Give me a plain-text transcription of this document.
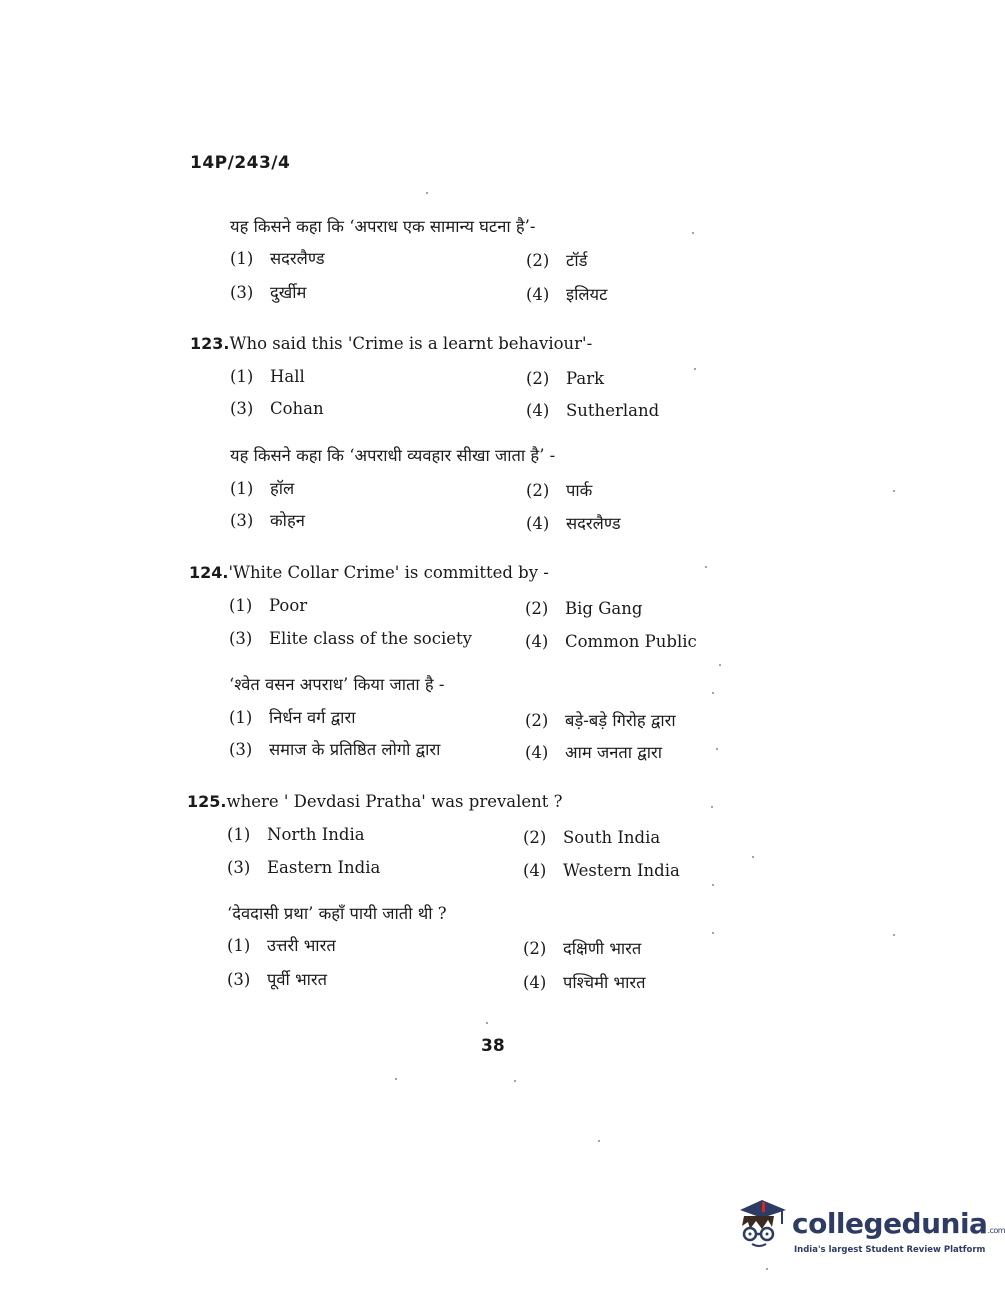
14P/243/4
यह किसने कहा कि ‘अपराध एक सामान्य घटना है’-
(1) सदरलैण्ड	(2) टॉर्ड
(3) दुर्खीम	(4) इलियट
123.Who said this 'Crime is a learnt behaviour'-
(1) Hall	(2) Park
(3) Cohan	(4) Sutherland
यह किसने कहा कि ‘अपराधी व्यवहार सीखा जाता है’ -
(1) हॉल	(2) पार्क
(3) कोहन	(4) सदरलैण्ड
124.'White Collar Crime' is committed by -
(1) Poor	(2) Big Gang
(3) Elite class of the society	(4) Common Public
‘श्वेत वसन अपराध’ किया जाता है -
(1) निर्धन वर्ग द्वारा	(2) बड़े-बड़े गिरोह द्वारा
(3) समाज के प्रतिष्ठित लोगो द्वारा	(4) आम जनता द्वारा
125.where ' Devdasi Pratha' was prevalent ?
(1) North India	(2) South India
(3) Eastern India	(4) Western India
‘देवदासी प्रथा’ कहाँ पायी जाती थी ?
(1) उत्तरी भारत	(2) दक्षिणी भारत
(3) पूर्वी भारत	(4) पश्चिमी भारत
38
collegedunia.com
India's largest Student Review Platform
